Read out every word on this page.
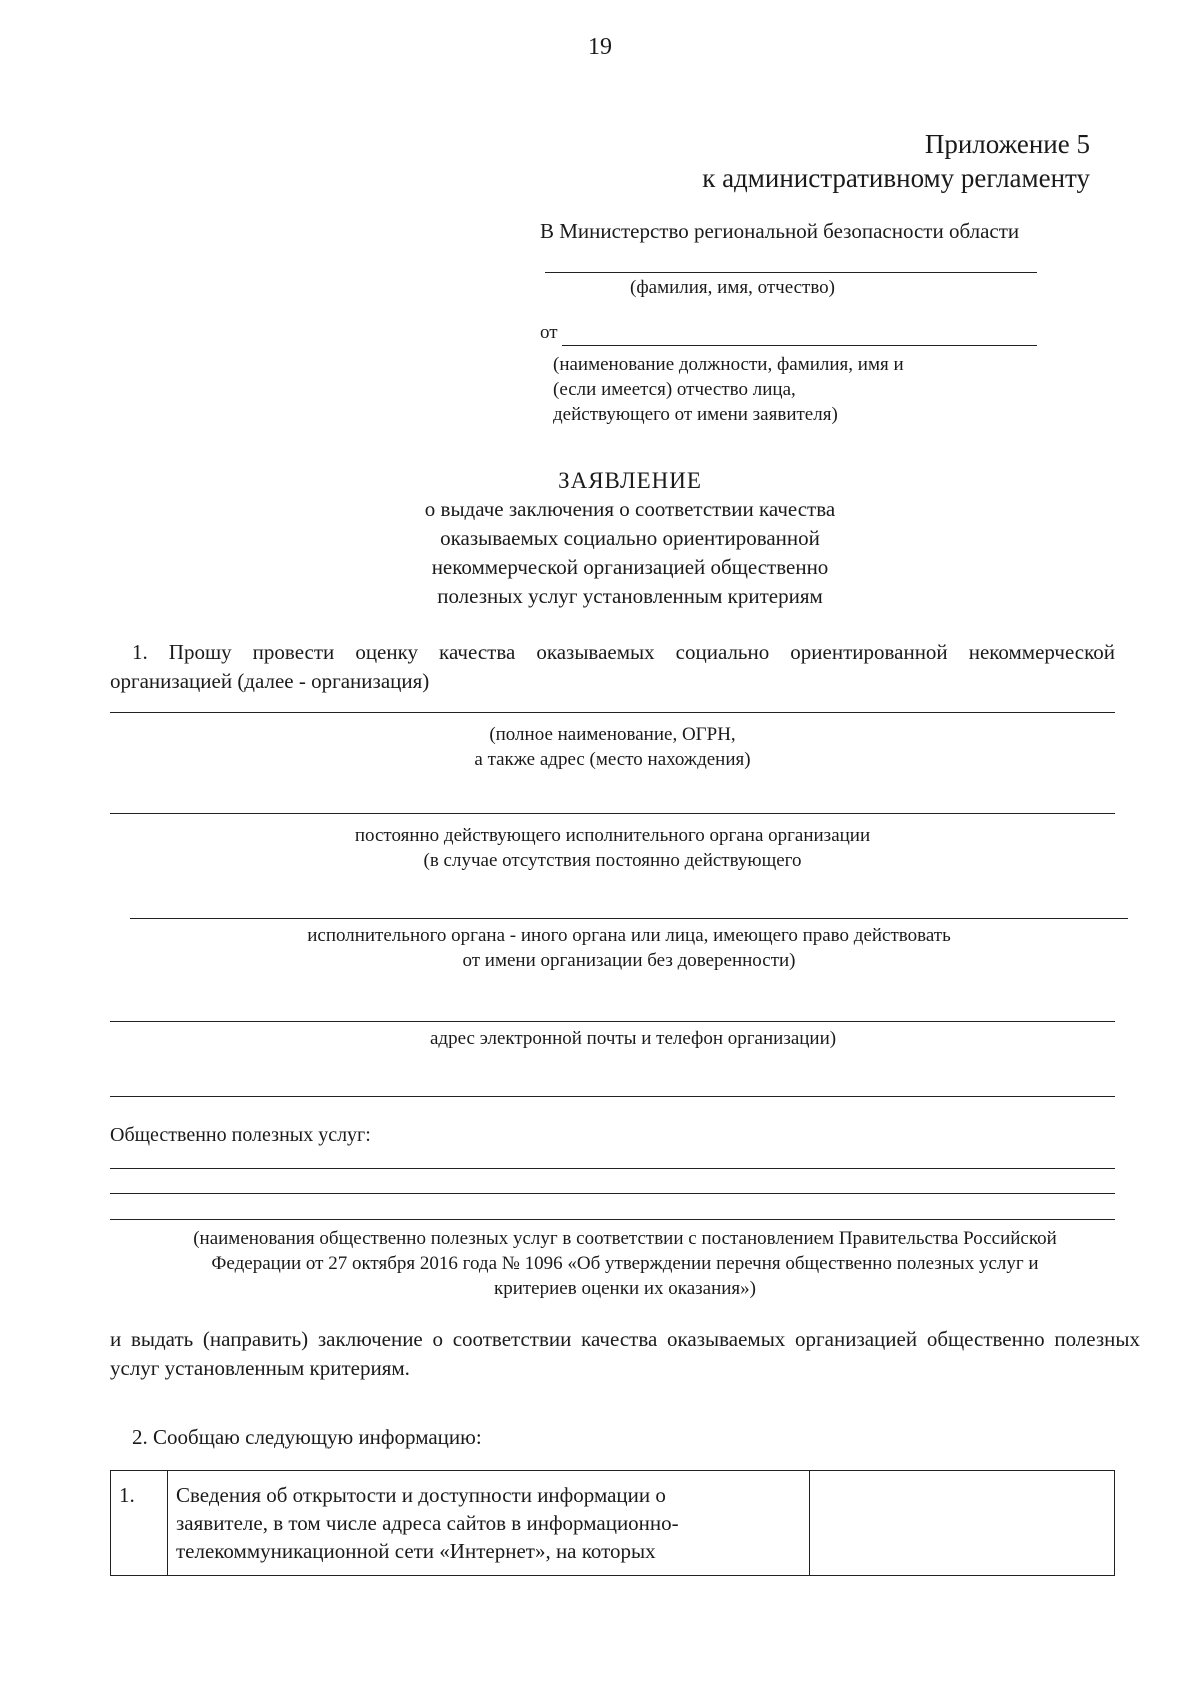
19
Приложение 5
к административному регламенту
В Министерство региональной безопасности области
(фамилия, имя, отчество)
от
(наименование должности, фамилия, имя и
(если имеется) отчество лица,
действующего от имени заявителя)
ЗАЯВЛЕНИЕ
о выдаче заключения о соответствии качества
оказываемых социально ориентированной
некоммерческой организацией общественно
полезных услуг установленным критериям
1. Прошу провести оценку качества оказываемых социально ориентированной некоммерческой организацией (далее - организация)
(полное наименование, ОГРН,
а также адрес (место нахождения)
постоянно действующего исполнительного органа организации
(в случае отсутствия постоянно действующего
исполнительного органа - иного органа или лица, имеющего право действовать
от имени организации без доверенности)
адрес электронной почты и телефон организации)
Общественно полезных услуг:
(наименования общественно полезных услуг в соответствии с постановлением Правительства Российской
Федерации от 27 октября 2016 года № 1096 «Об утверждении перечня общественно полезных услуг и
критериев оценки их оказания»)
и выдать (направить) заключение о соответствии качества оказываемых организацией общественно полезных услуг установленным критериям.
2. Сообщаю следующую информацию:
1.	Сведения об открытости и доступности информации о
заявителе, в том числе адреса сайтов в информационно-
телекоммуникационной сети «Интернет», на которых
